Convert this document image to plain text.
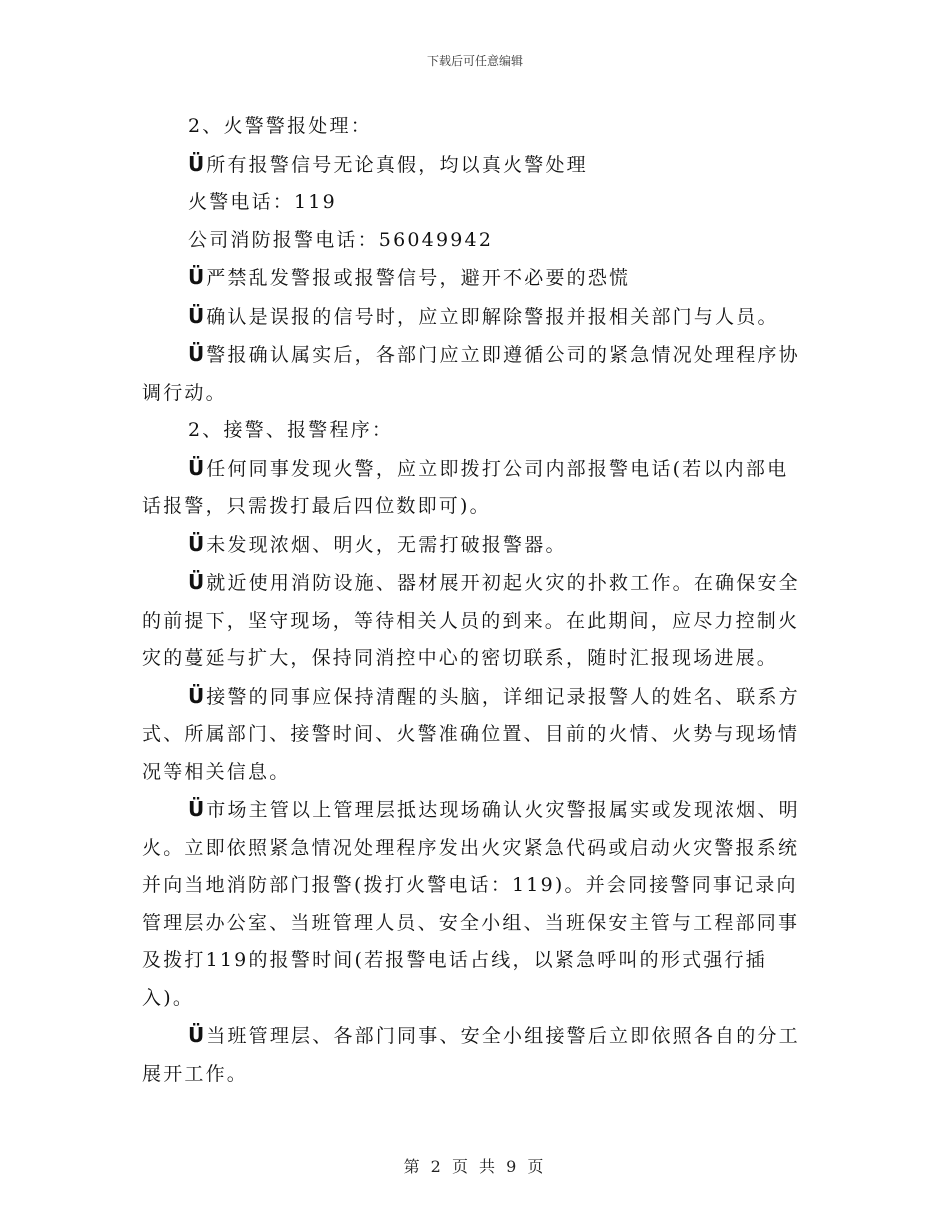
下载后可任意编辑

2、火警警报处理：

Ü 所有报警信号无论真假，均以真火警处理

火警电话：119

公司消防报警电话：56049942

Ü 严禁乱发警报或报警信号，避开不必要的恐慌

Ü 确认是误报的信号时，应立即解除警报并报相关部门与人员。

Ü 警报确认属实后，各部门应立即遵循公司的紧急情况处理程序协调行动。

2、接警、报警程序：

Ü 任何同事发现火警，应立即拨打公司内部报警电话(若以内部电话报警，只需拨打最后四位数即可)。

Ü 未发现浓烟、明火，无需打破报警器。

Ü 就近使用消防设施、器材展开初起火灾的扑救工作。在确保安全的前提下，坚守现场，等待相关人员的到来。在此期间，应尽力控制火灾的蔓延与扩大，保持同消控中心的密切联系，随时汇报现场进展。

Ü 接警的同事应保持清醒的头脑，详细记录报警人的姓名、联系方式、所属部门、接警时间、火警准确位置、目前的火情、火势与现场情况等相关信息。

Ü 市场主管以上管理层抵达现场确认火灾警报属实或发现浓烟、明火。立即依照紧急情况处理程序发出火灾紧急代码或启动火灾警报系统并向当地消防部门报警(拨打火警电话：119)。并会同接警同事记录向管理层办公室、当班管理人员、安全小组、当班保安主管与工程部同事及拨打119的报警时间(若报警电话占线，以紧急呼叫的形式强行插入)。

Ü 当班管理层、各部门同事、安全小组接警后立即依照各自的分工展开工作。

第 2 页 共 9 页
